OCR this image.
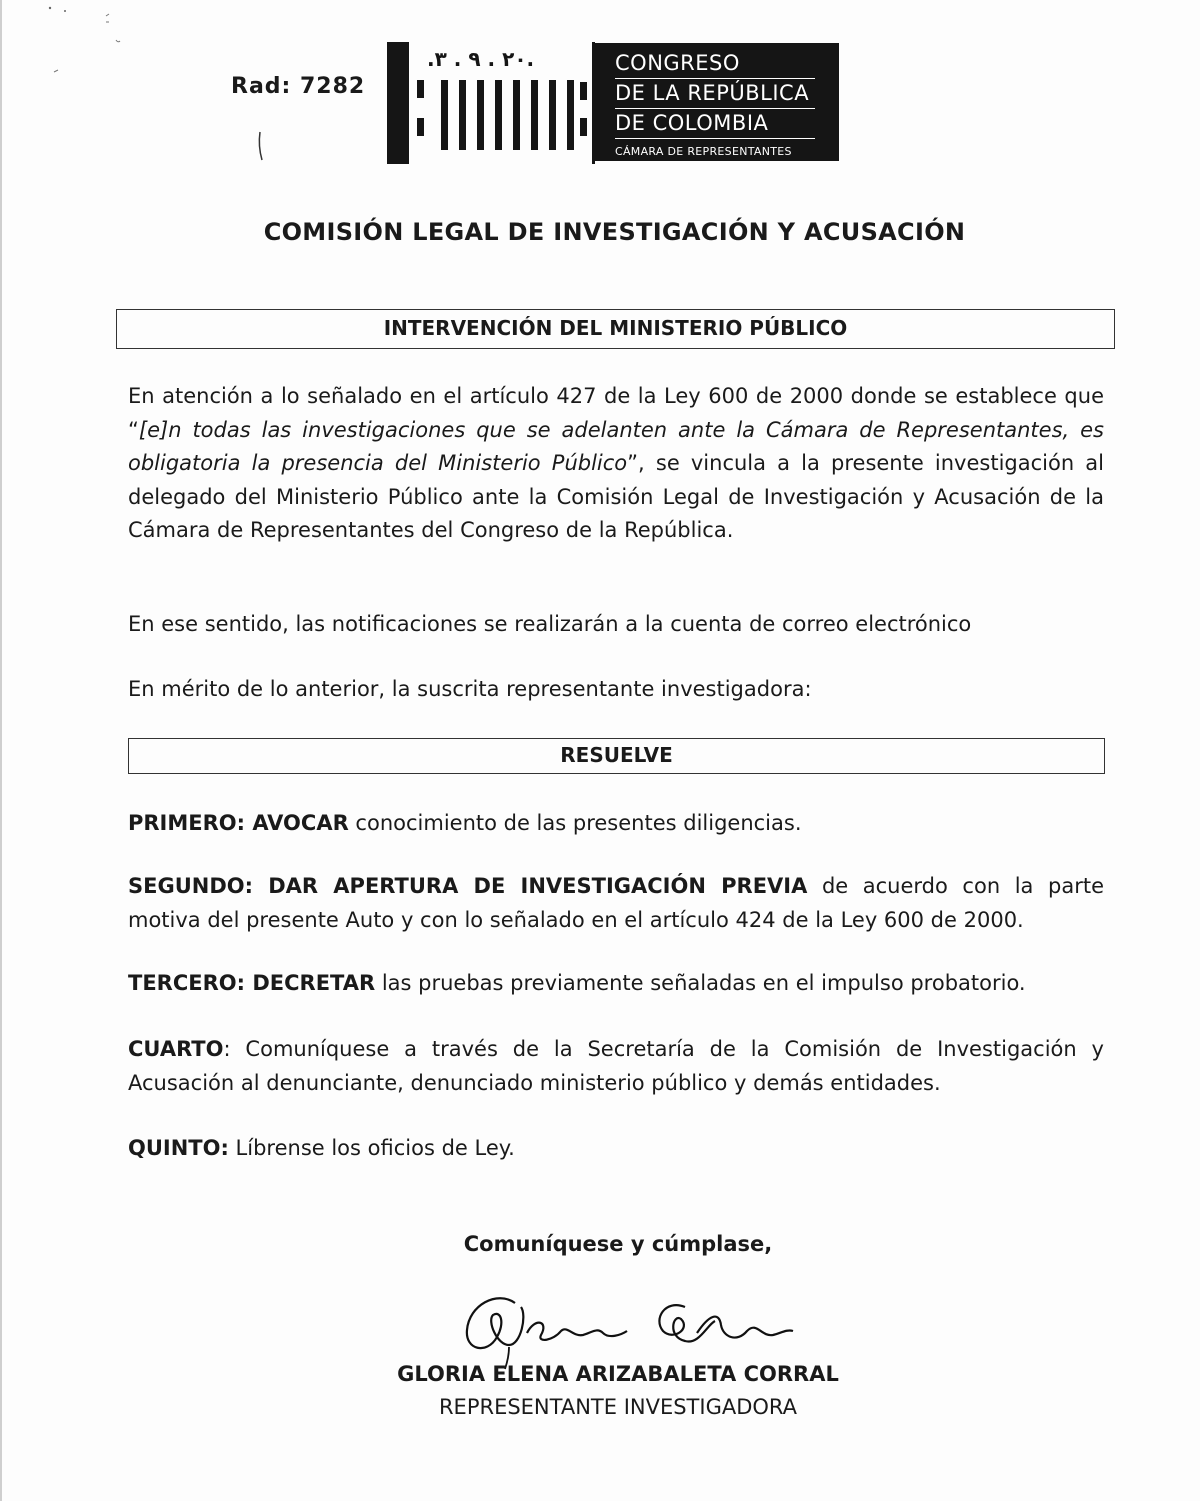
Rad: 7282
.٢٠ . ٩ . ٣.	CONGRESO
DE LA REPÚBLICA
DE COLOMBIA
CÁMARA DE REPRESENTANTES
COMISIÓN LEGAL DE INVESTIGACIÓN Y ACUSACIÓN
INTERVENCIÓN DEL MINISTERIO PÚBLICO

En atención a lo señalado en el artículo 427 de la Ley 600 de 2000 donde se establece que “[e]n todas las investigaciones que se adelanten ante la Cámara de Representantes, es obligatoria la presencia del Ministerio Público”, se vincula a la presente investigación al delegado del Ministerio Público ante la Comisión Legal de Investigación y Acusación de la Cámara de Representantes del Congreso de la República.

En ese sentido, las notificaciones se realizarán a la cuenta de correo electrónico

En mérito de lo anterior, la suscrita representante investigadora:

RESUELVE

PRIMERO: AVOCAR conocimiento de las presentes diligencias.

SEGUNDO: DAR APERTURA DE INVESTIGACIÓN PREVIA de acuerdo con la parte motiva del presente Auto y con lo señalado en el artículo 424 de la Ley 600 de 2000.

TERCERO: DECRETAR las pruebas previamente señaladas en el impulso probatorio.

CUARTO: Comuníquese a través de la Secretaría de la Comisión de Investigación y Acusación al denunciante, denunciado ministerio público y demás entidades.

QUINTO: Líbrense los oficios de Ley.

Comuníquese y cúmplase,
GLORIA ELENA ARIZABALETA CORRAL
REPRESENTANTE INVESTIGADORA
